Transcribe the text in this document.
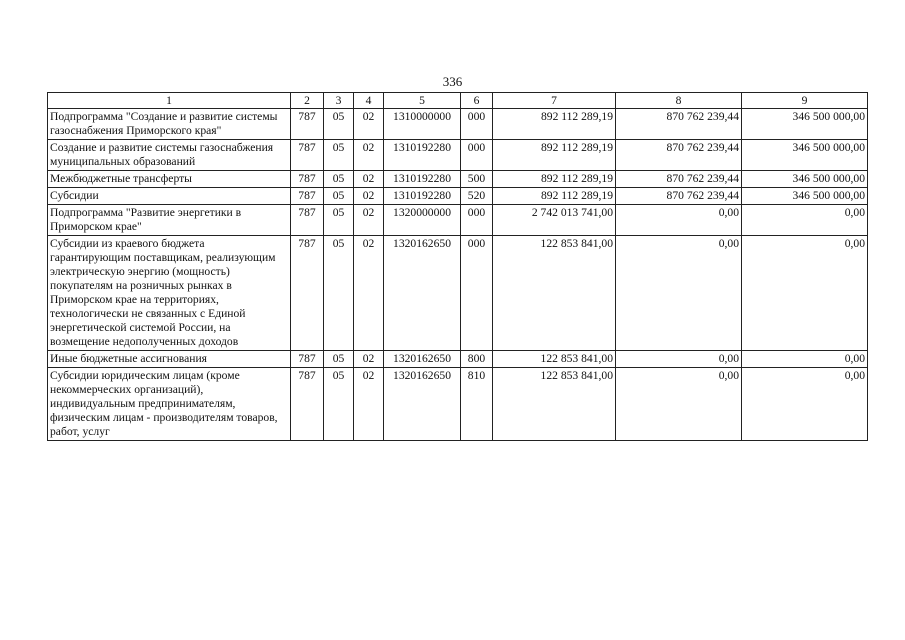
336
1	2	3	4	5	6	7	8	9
Подпрограмма "Создание и развитие системы газоснабжения Приморского края"	787	05	02	1310000000	000	892 112 289,19	870 762 239,44	346 500 000,00
Создание и развитие системы газоснабжения муниципальных образований	787	05	02	1310192280	000	892 112 289,19	870 762 239,44	346 500 000,00
Межбюджетные трансферты	787	05	02	1310192280	500	892 112 289,19	870 762 239,44	346 500 000,00
Субсидии	787	05	02	1310192280	520	892 112 289,19	870 762 239,44	346 500 000,00
Подпрограмма "Развитие энергетики в Приморском крае"	787	05	02	1320000000	000	2 742 013 741,00	0,00	0,00
Субсидии из краевого бюджета гарантирующим поставщикам, реализующим электрическую энергию (мощность) покупателям на розничных рынках в Приморском крае на территориях, технологически не связанных с Единой энергетической системой России, на возмещение недополученных доходов	787	05	02	1320162650	000	122 853 841,00	0,00	0,00
Иные бюджетные ассигнования	787	05	02	1320162650	800	122 853 841,00	0,00	0,00
Субсидии юридическим лицам (кроме некоммерческих организаций), индивидуальным предпринимателям, физическим лицам - производителям товаров, работ, услуг	787	05	02	1320162650	810	122 853 841,00	0,00	0,00
